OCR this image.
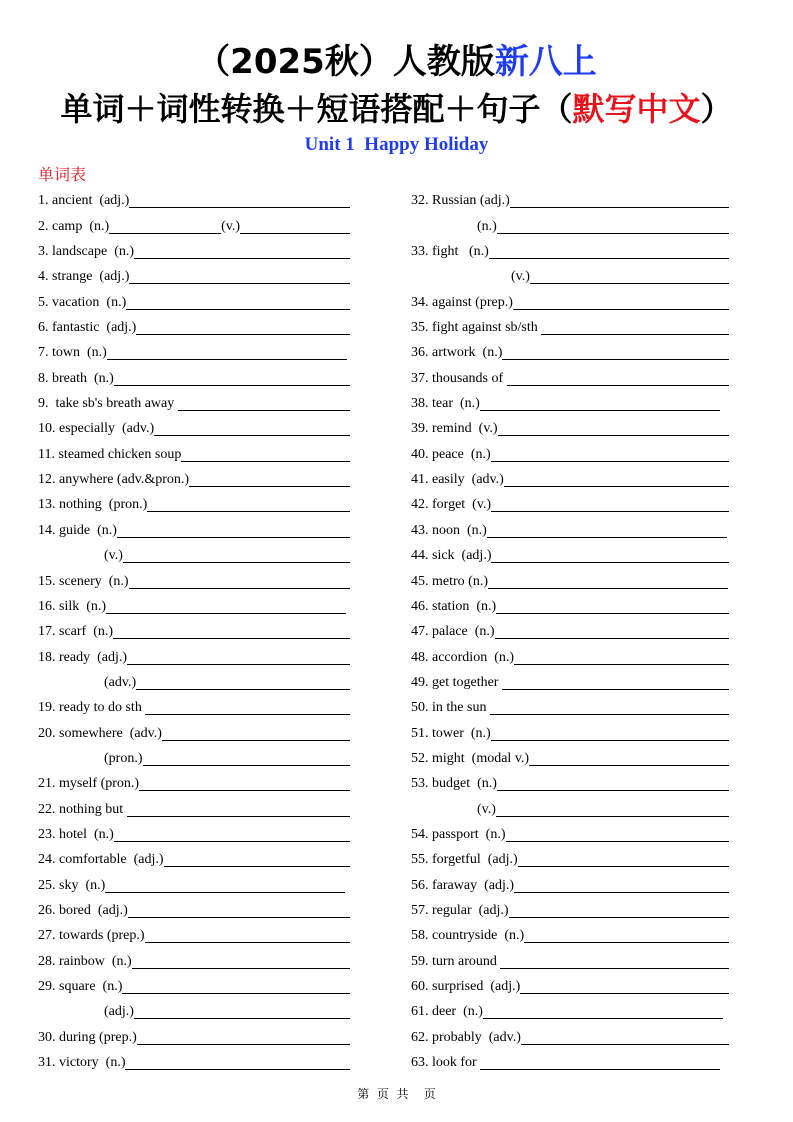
（2025秋）人教版新八上
单词＋词性转换＋短语搭配＋句子（默写中文）
Unit 1  Happy Holiday
单词表
1. ancient  (adj.)
2. camp  (n.)	(v.)
3. landscape  (n.)
4. strange  (adj.)
5. vacation  (n.)
6. fantastic  (adj.)
7. town  (n.)
8. breath  (n.)
9.  take sb's breath away
10. especially  (adv.)
11. steamed chicken soup
12. anywhere (adv.&pron.)
13. nothing  (pron.)
14. guide  (n.)
(v.)
15. scenery  (n.)
16. silk  (n.)
17. scarf  (n.)
18. ready  (adj.)
(adv.)
19. ready to do sth
20. somewhere  (adv.)
(pron.)
21. myself (pron.)
22. nothing but
23. hotel  (n.)
24. comfortable  (adj.)
25. sky  (n.)
26. bored  (adj.)
27. towards (prep.)
28. rainbow  (n.)
29. square  (n.)
(adj.)
30. during (prep.)
31. victory  (n.)
32. Russian (adj.)
(n.)
33. fight   (n.)
(v.)
34. against (prep.)
35. fight against sb/sth
36. artwork  (n.)
37. thousands of
38. tear  (n.)
39. remind  (v.)
40. peace  (n.)
41. easily  (adv.)
42. forget  (v.)
43. noon  (n.)
44. sick  (adj.)
45. metro (n.)
46. station  (n.)
47. palace  (n.)
48. accordion  (n.)
49. get together
50. in the sun
51. tower  (n.)
52. might  (modal v.)
53. budget  (n.)
(v.)
54. passport  (n.)
55. forgetful  (adj.)
56. faraway  (adj.)
57. regular  (adj.)
58. countryside  (n.)
59. turn around
60. surprised  (adj.)
61. deer  (n.)
62. probably  (adv.)
63. look for
第  页  共    页
